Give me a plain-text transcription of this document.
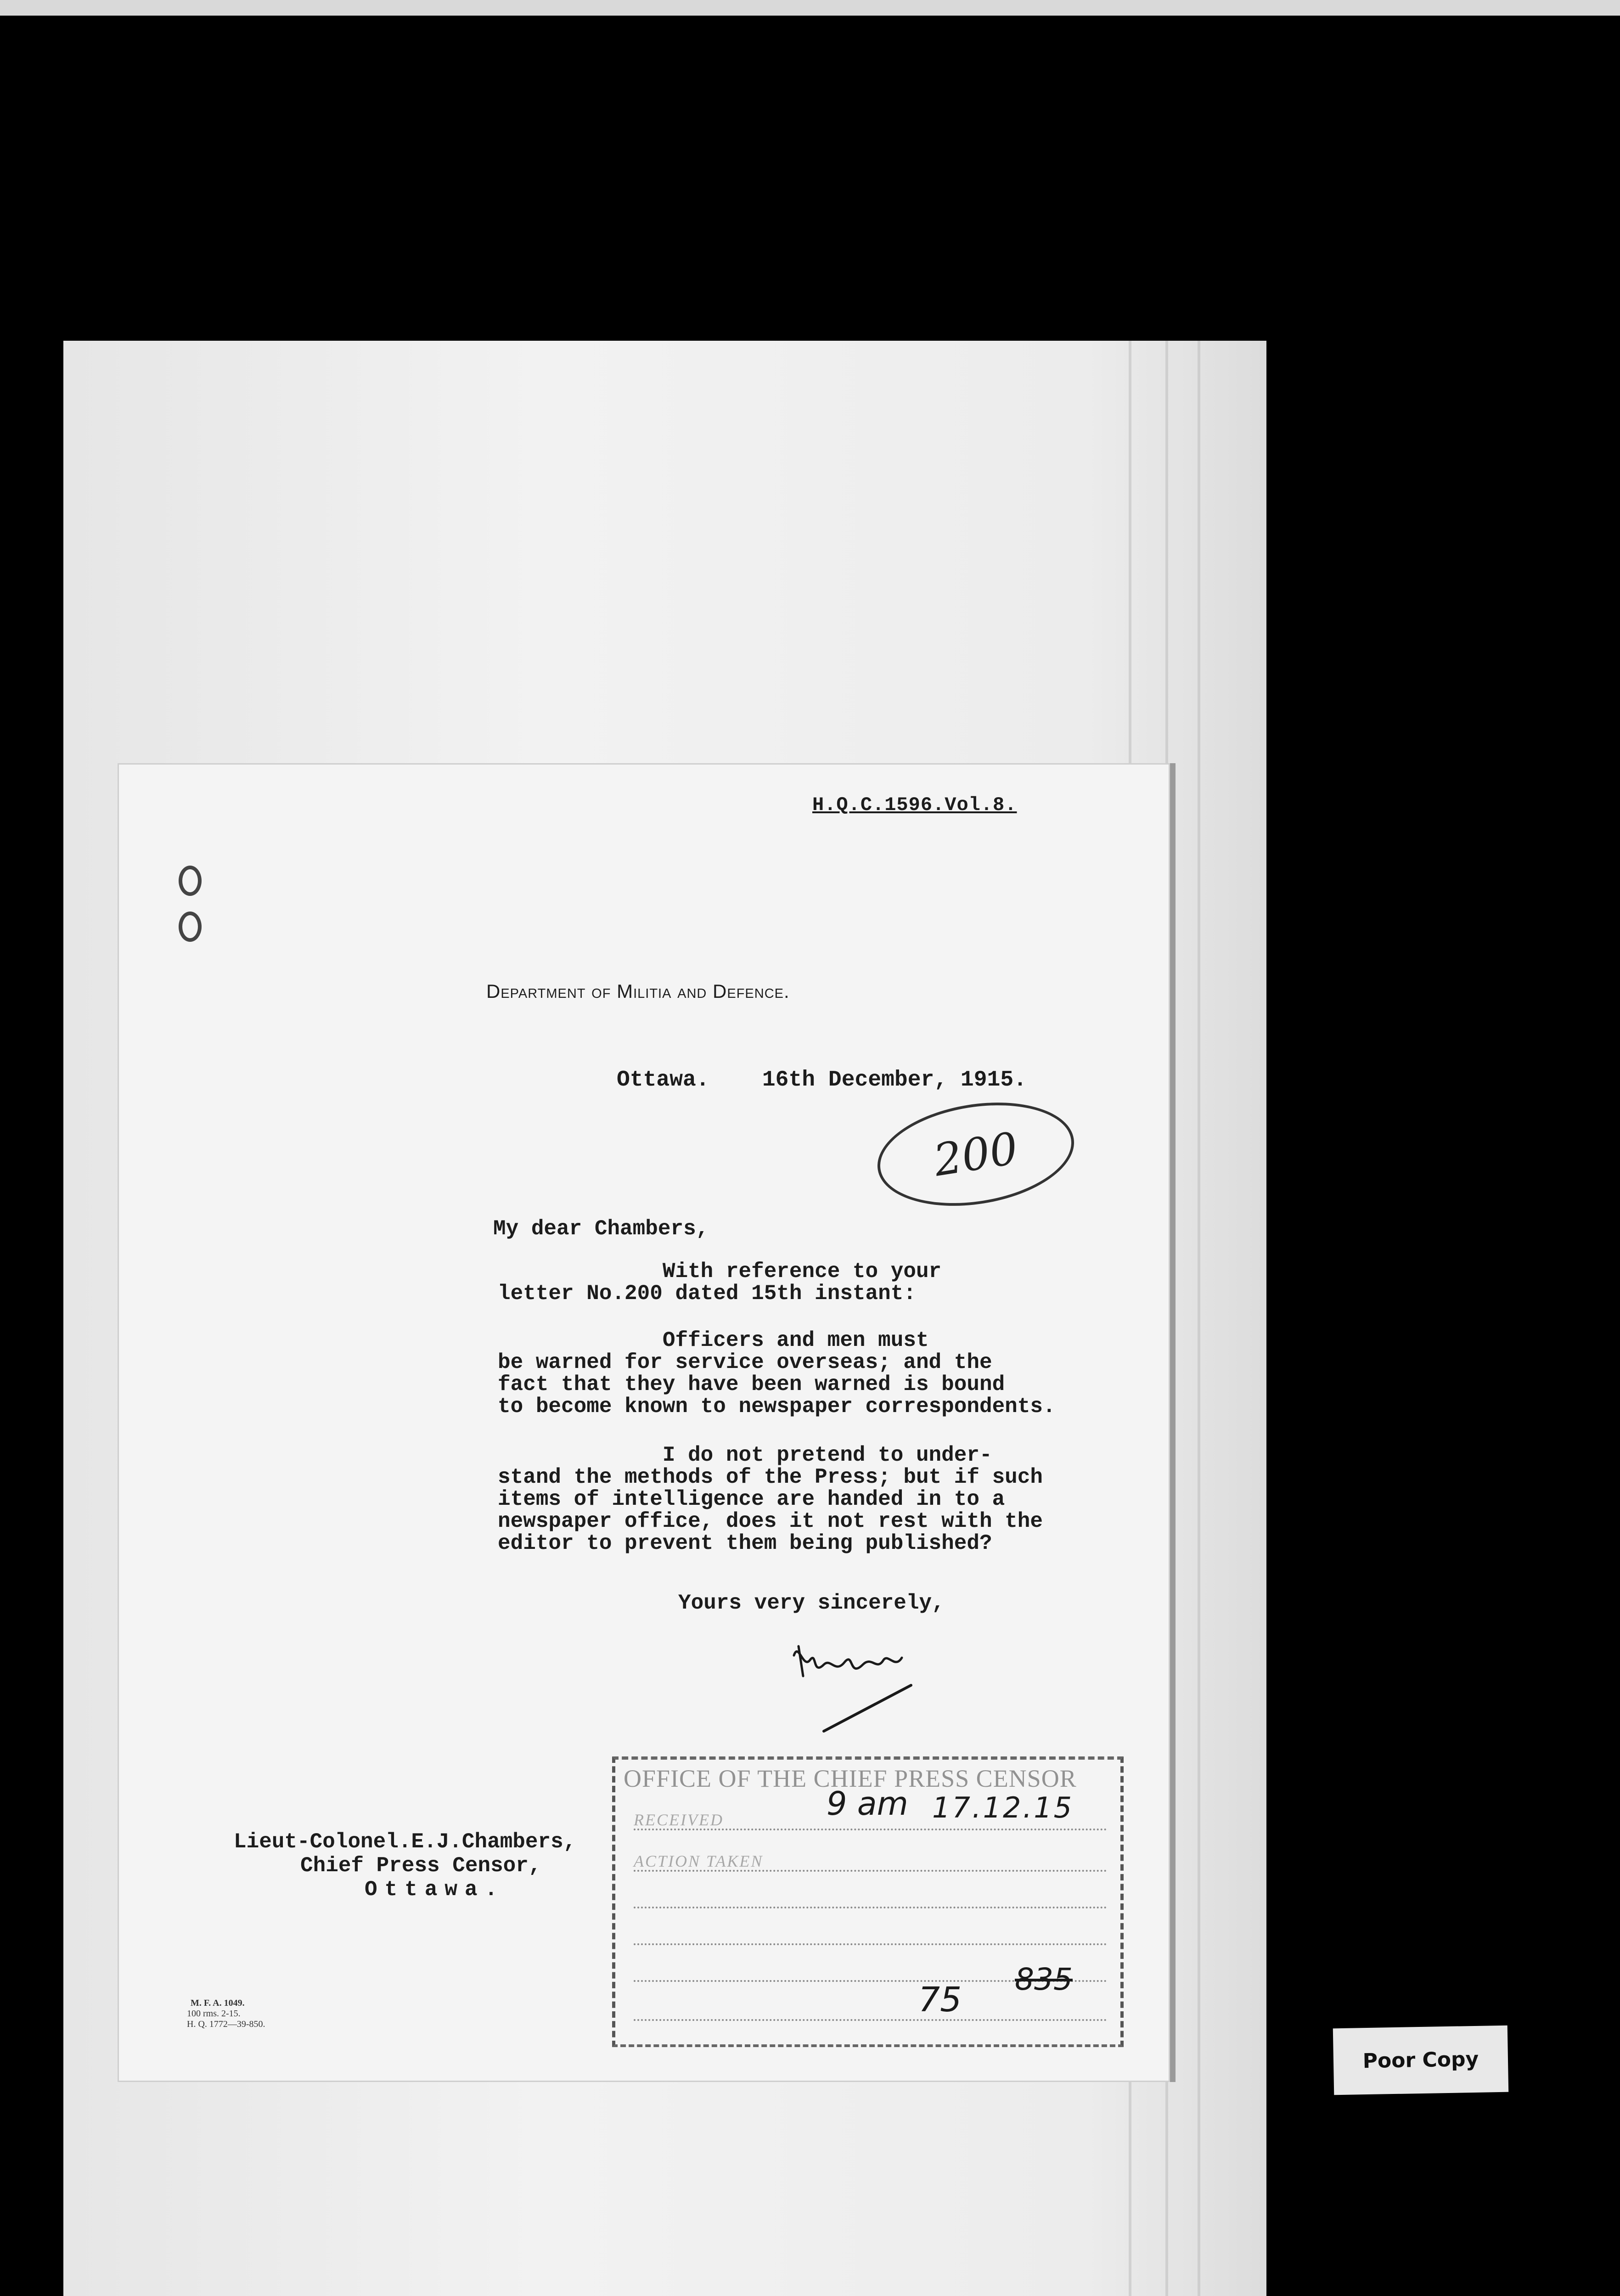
H.Q.C.1596.Vol.8.
Department of Militia and Defence.
Ottawa. 16th December, 1915.
200
My dear Chambers,

With reference to your
letter No.200 dated 15th instant:

Officers and men must
be warned for service overseas; and the
fact that they have been warned is bound
to become known to newspaper correspondents.

I do not pretend to under-
stand the methods of the Press; but if such
items of intelligence are handed in to a
newspaper office, does it not rest with the
editor to prevent them being published?

Yours very sincerely,
Lieut-Colonel.E.J.Chambers,
Chief Press Censor,
Ottawa.
M. F. A. 1049.
100 rms. 2-15.
H. Q. 1772—39-850.
OFFICE OF THE CHIEF PRESS CENSOR
RECEIVED
ACTION TAKEN
9 am 17.12.15
75
835
Poor Copy
